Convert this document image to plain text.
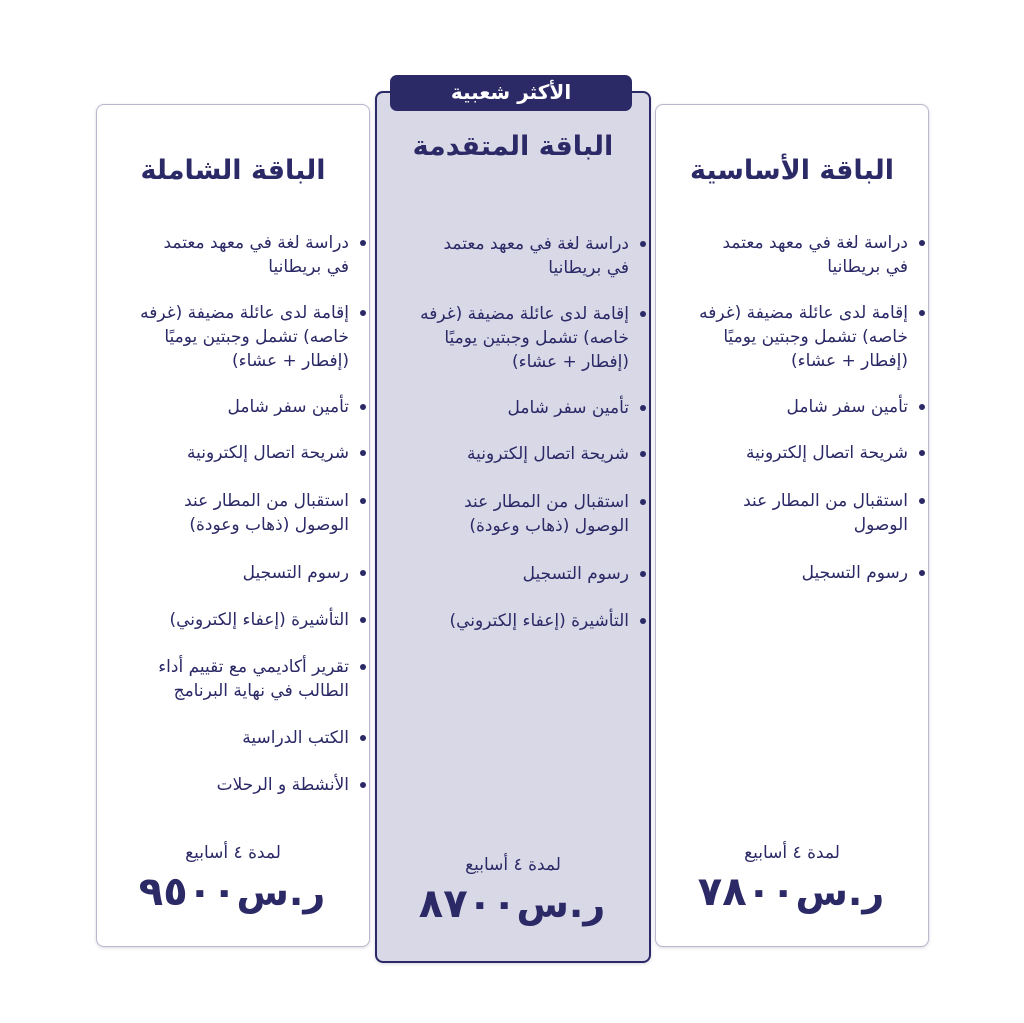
الباقة الشاملة
دراسة لغة في معهد معتمد
في بريطانيا
إقامة لدى عائلة مضيفة (غرفه
خاصه) تشمل وجبتين يوميًا
(إفطار + عشاء)
تأمين سفر شامل
شريحة اتصال إلكترونية
استقبال من المطار عند
الوصول (ذهاب وعودة)
رسوم التسجيل
التأشيرة (إعفاء إلكتروني)
تقرير أكاديمي مع تقييم أداء
الطالب في نهاية البرنامج
الكتب الدراسية
الأنشطة و الرحلات
لمدة ٤ أسابيع
ر.س٩٥٠٠
الباقة المتقدمة
دراسة لغة في معهد معتمد
في بريطانيا
إقامة لدى عائلة مضيفة (غرفه
خاصه) تشمل وجبتين يوميًا
(إفطار + عشاء)
تأمين سفر شامل
شريحة اتصال إلكترونية
استقبال من المطار عند
الوصول (ذهاب وعودة)
رسوم التسجيل
التأشيرة (إعفاء إلكتروني)
لمدة ٤ أسابيع
ر.س٨٧٠٠
الأكثر شعبية
الباقة الأساسية
دراسة لغة في معهد معتمد
في بريطانيا
إقامة لدى عائلة مضيفة (غرفه
خاصه) تشمل وجبتين يوميًا
(إفطار + عشاء)
تأمين سفر شامل
شريحة اتصال إلكترونية
استقبال من المطار عند
الوصول
رسوم التسجيل
لمدة ٤ أسابيع
ر.س٧٨٠٠
